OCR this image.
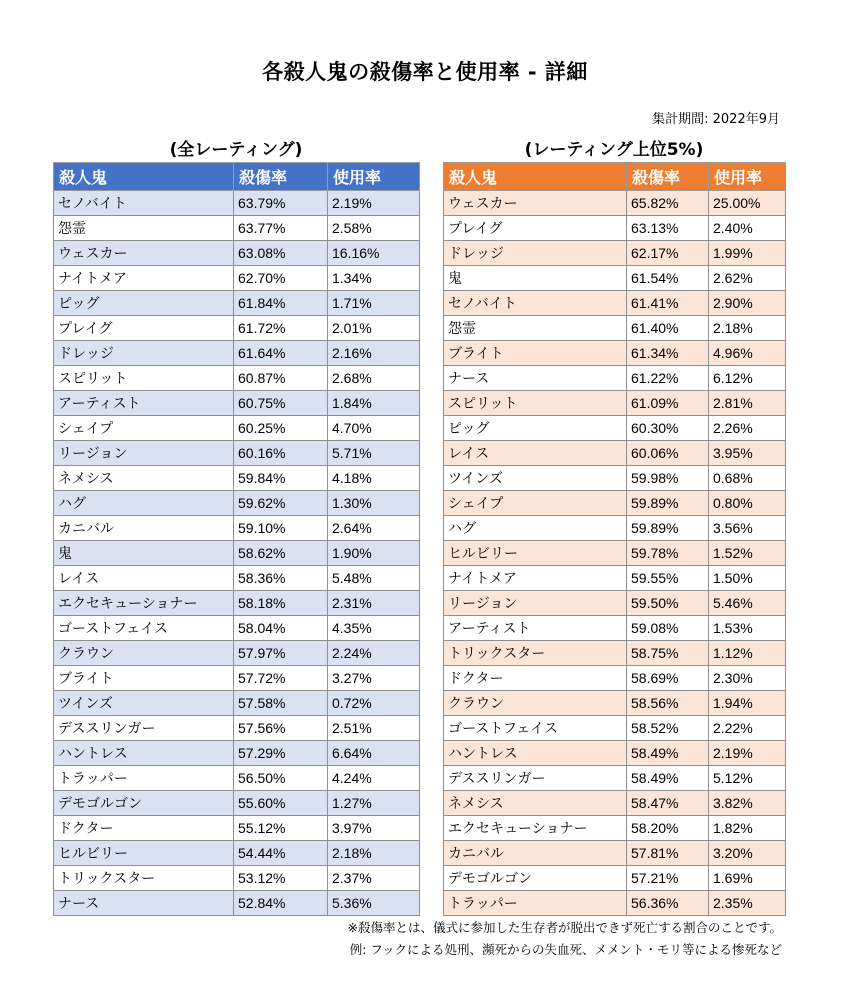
各殺人鬼の殺傷率と使用率 - 詳細
集計期間: 2022年9月
(全レーティング)	(レーティング上位5%)
殺人鬼	殺傷率	使用率
セノバイト	63.79%	2.19%
怨霊	63.77%	2.58%
ウェスカー	63.08%	16.16%
ナイトメア	62.70%	1.34%
ピッグ	61.84%	1.71%
プレイグ	61.72%	2.01%
ドレッジ	61.64%	2.16%
スピリット	60.87%	2.68%
アーティスト	60.75%	1.84%
シェイプ	60.25%	4.70%
リージョン	60.16%	5.71%
ネメシス	59.84%	4.18%
ハグ	59.62%	1.30%
カニバル	59.10%	2.64%
鬼	58.62%	1.90%
レイス	58.36%	5.48%
エクセキューショナー	58.18%	2.31%
ゴーストフェイス	58.04%	4.35%
クラウン	57.97%	2.24%
ブライト	57.72%	3.27%
ツインズ	57.58%	0.72%
デススリンガー	57.56%	2.51%
ハントレス	57.29%	6.64%
トラッパー	56.50%	4.24%
デモゴルゴン	55.60%	1.27%
ドクター	55.12%	3.97%
ヒルビリー	54.44%	2.18%
トリックスター	53.12%	2.37%
ナース	52.84%	5.36%
殺人鬼	殺傷率	使用率
ウェスカー	65.82%	25.00%
プレイグ	63.13%	2.40%
ドレッジ	62.17%	1.99%
鬼	61.54%	2.62%
セノバイト	61.41%	2.90%
怨霊	61.40%	2.18%
ブライト	61.34%	4.96%
ナース	61.22%	6.12%
スピリット	61.09%	2.81%
ピッグ	60.30%	2.26%
レイス	60.06%	3.95%
ツインズ	59.98%	0.68%
シェイプ	59.89%	0.80%
ハグ	59.89%	3.56%
ヒルビリー	59.78%	1.52%
ナイトメア	59.55%	1.50%
リージョン	59.50%	5.46%
アーティスト	59.08%	1.53%
トリックスター	58.75%	1.12%
ドクター	58.69%	2.30%
クラウン	58.56%	1.94%
ゴーストフェイス	58.52%	2.22%
ハントレス	58.49%	2.19%
デススリンガー	58.49%	5.12%
ネメシス	58.47%	3.82%
エクセキューショナー	58.20%	1.82%
カニバル	57.81%	3.20%
デモゴルゴン	57.21%	1.69%
トラッパー	56.36%	2.35%
※殺傷率とは、儀式に参加した生存者が脱出できず死亡する割合のことです。
例: フックによる処刑、瀕死からの失血死、メメント・モリ等による惨死など
